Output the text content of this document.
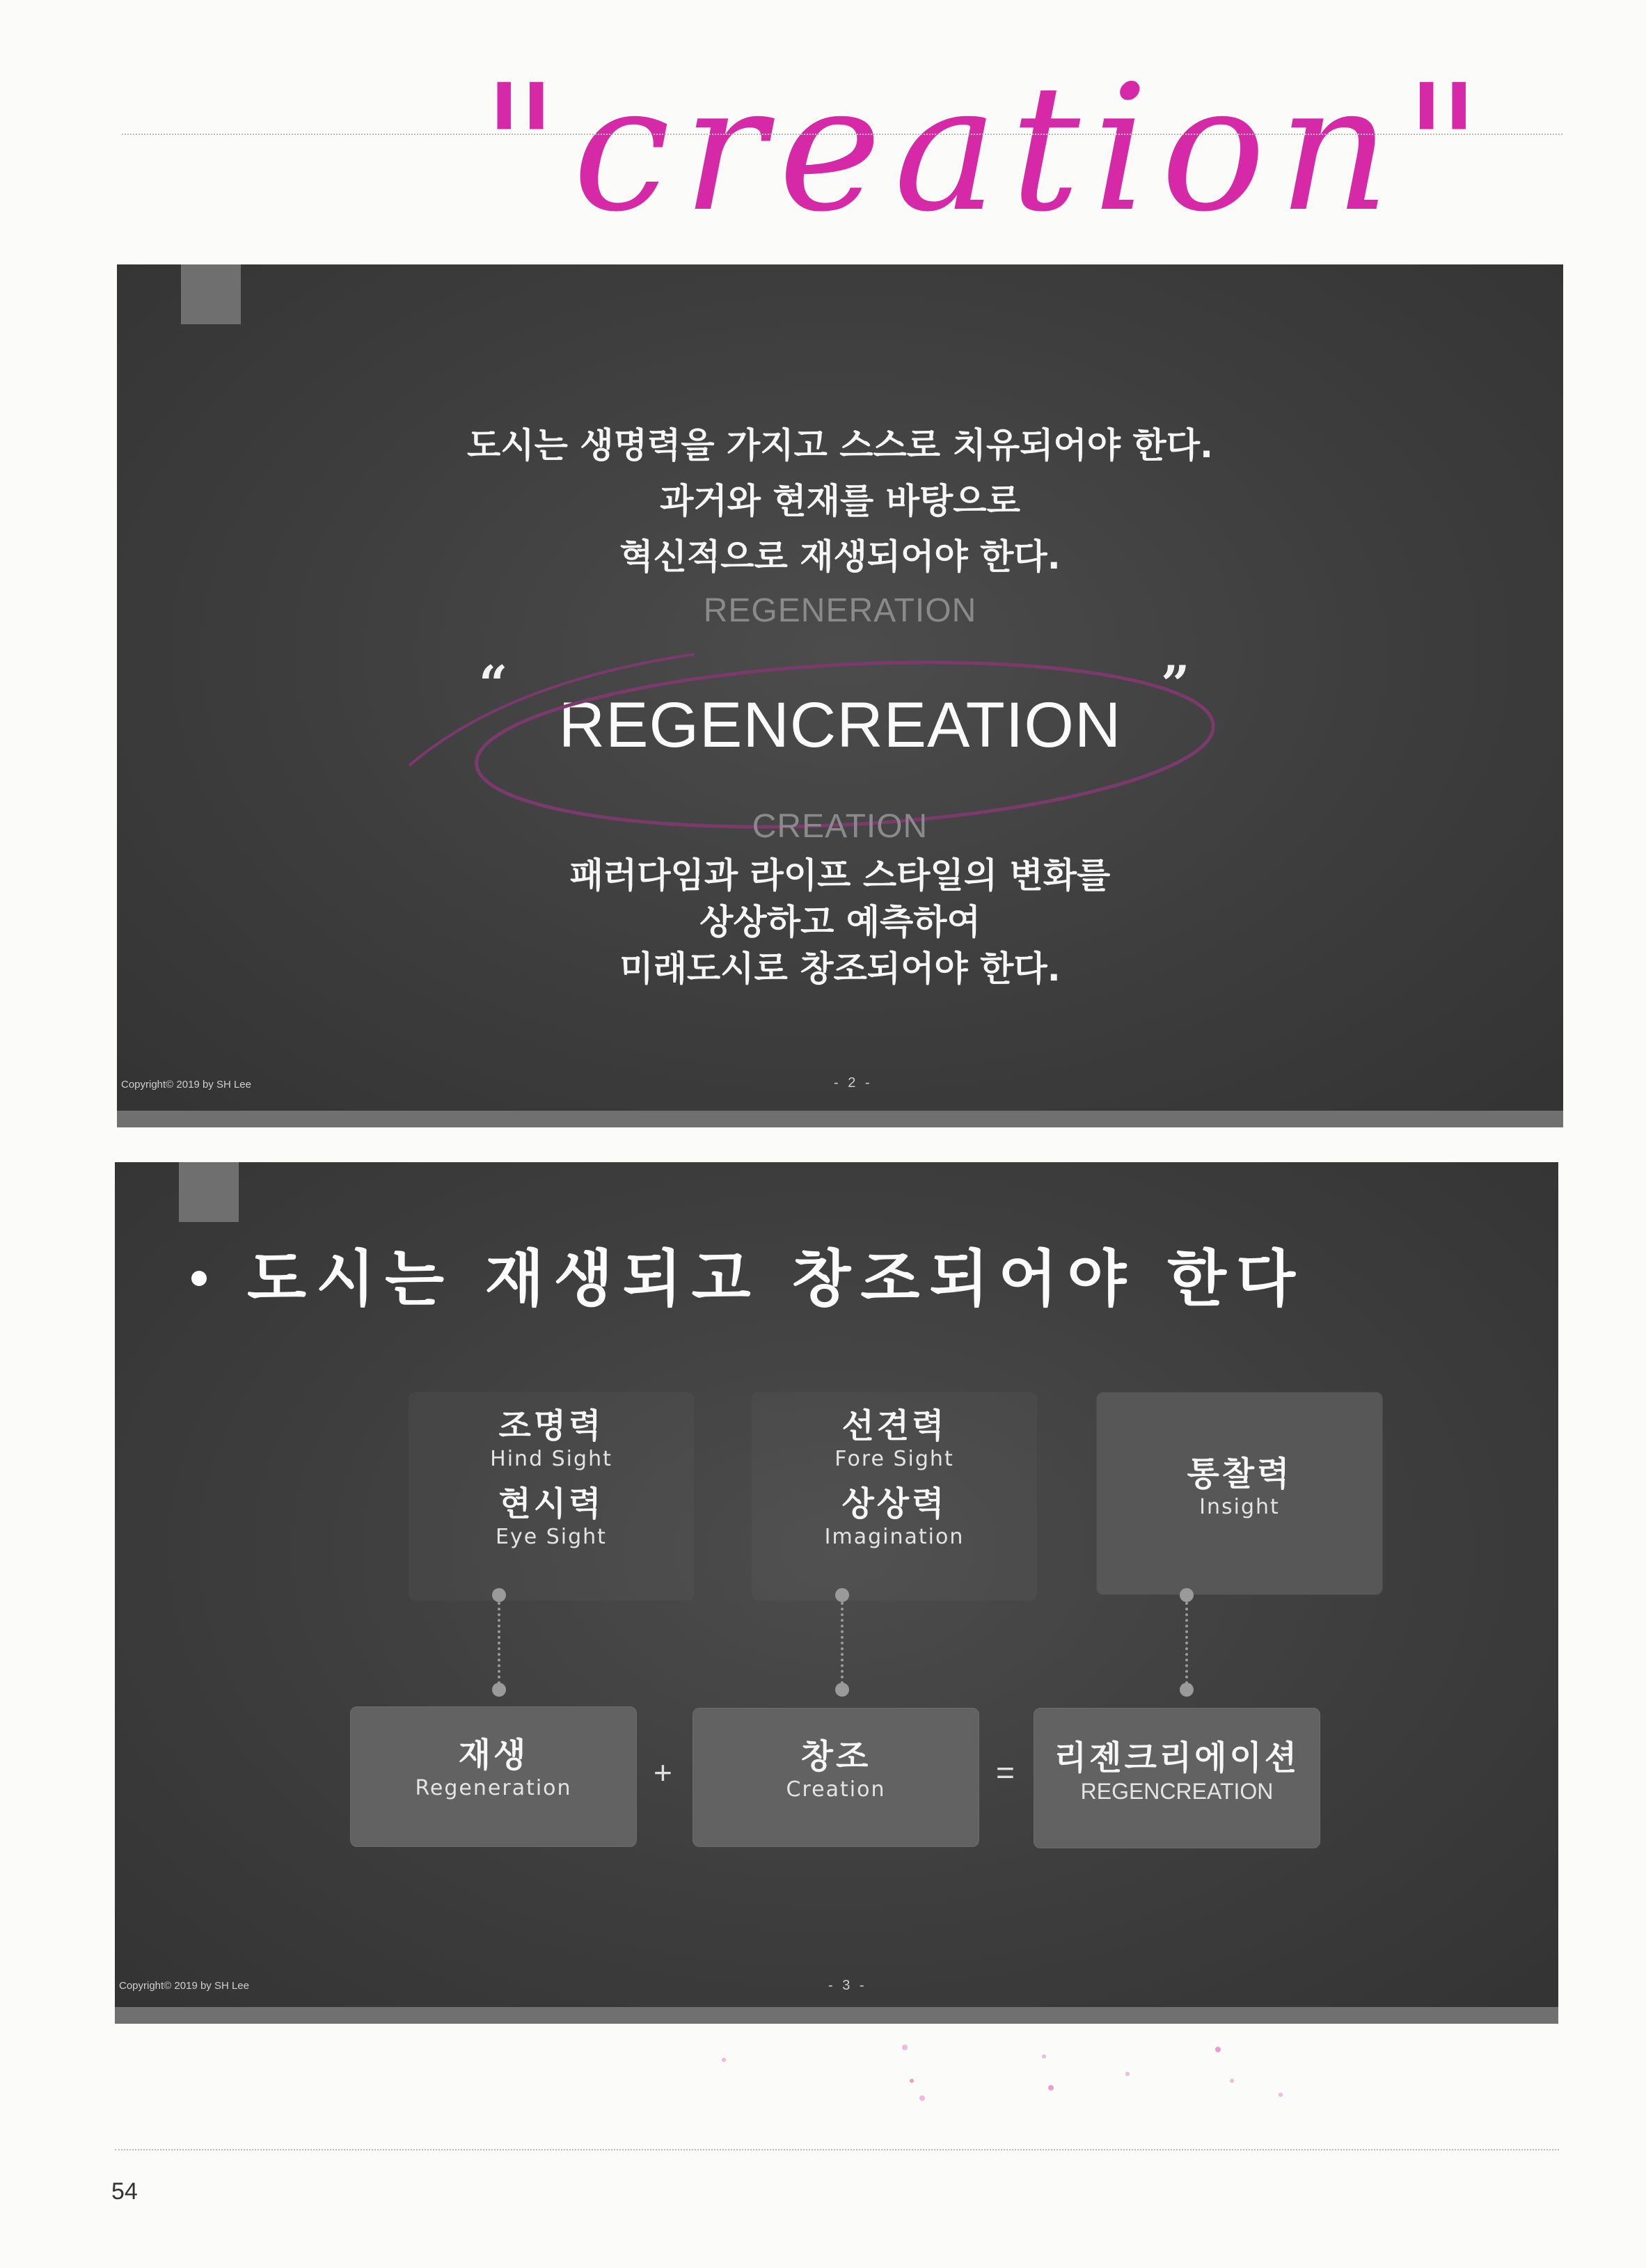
"creation"
도시는 생명력을 가지고 스스로 치유되어야 한다.
과거와 현재를 바탕으로
혁신적으로 재생되어야 한다.
REGENERATION
“
REGENCREATION
”
CREATION
패러다임과 라이프 스타일의 변화를
상상하고 예측하여
미래도시로 창조되어야 한다.
Copyright© 2019 by SH Lee	- 2 -
도시는 재생되고 창조되어야 한다
조명력
Hind Sight
현시력
Eye Sight
선견력
Fore Sight
상상력
Imagination
통찰력
Insight
재생
Regeneration	+	창조
Creation	=	리젠크리에이션
REGENCREATION
Copyright© 2019 by SH Lee	- 3 -
54
